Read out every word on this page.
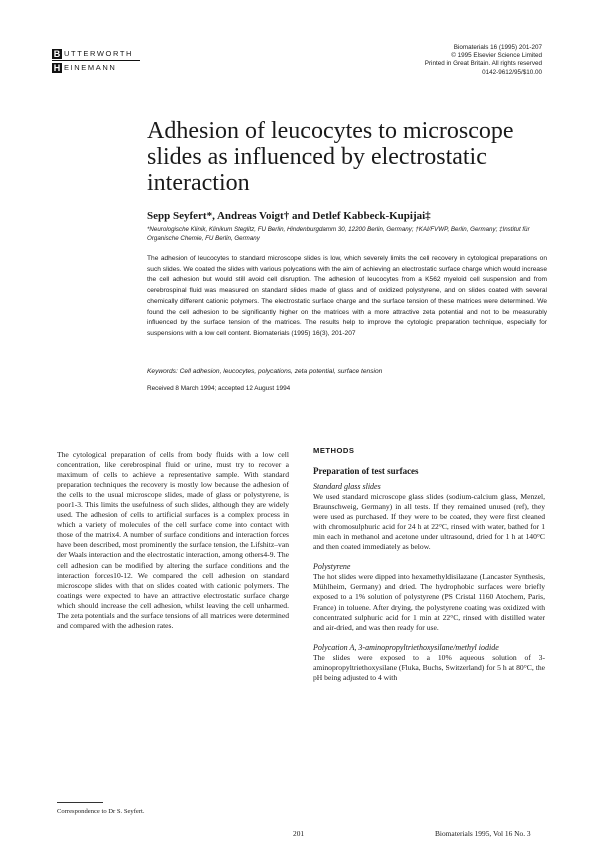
B UTTERWORTH
H EINEMANN
Biomaterials 16 (1995) 201-207
© 1995 Elsevier Science Limited
Printed in Great Britain. All rights reserved
0142-9612/95/$10.00
Adhesion of leucocytes to microscope slides as influenced by electrostatic interaction
Sepp Seyfert*, Andreas Voigt† and Detlef Kabbeck-Kupijai‡
*Neurologische Klinik, Klinikum Steglitz, FU Berlin, Hindenburgdamm 30, 12200 Berlin, Germany; †KAI/FVWP, Berlin, Germany; ‡Institut für Organische Chemie, FU Berlin, Germany

The adhesion of leucocytes to standard microscope slides is low, which severely limits the cell recovery in cytological preparations on such slides. We coated the slides with various polycations with the aim of achieving an electrostatic surface charge which would increase the cell adhesion but would still avoid cell disruption. The adhesion of leucocytes from a K562 myeloid cell suspension and from cerebrospinal fluid was measured on standard slides made of glass and of oxidized polystyrene, and on slides coated with several chemically different cationic polymers. The electrostatic surface charge and the surface tension of these matrices were determined. We found the cell adhesion to be significantly higher on the matrices with a more attractive zeta potential and not to be measurably influenced by the surface tension of the matrices. The results help to improve the cytologic preparation technique, especially for suspensions with a low cell content. Biomaterials (1995) 16(3), 201-207

Keywords: Cell adhesion, leucocytes, polycations, zeta potential, surface tension
Received 8 March 1994; accepted 12 August 1994

The cytological preparation of cells from body fluids with a low cell concentration, like cerebrospinal fluid or urine, must try to recover a maximum of cells to achieve a representative sample. With standard preparation techniques the recovery is mostly low because the adhesion of the cells to the usual microscope slides, made of glass or polystyrene, is poor1-3. This limits the usefulness of such slides, although they are widely used. The adhesion of cells to artificial surfaces is a complex process in which a variety of molecules of the cell surface come into contact with those of the matrix4. A number of surface conditions and interaction forces have been described, most prominently the surface tension, the Lifshitz–van der Waals interaction and the electrostatic interaction, among others4-9. The cell adhesion can be modified by altering the surface conditions and the interaction forces10-12. We compared the cell adhesion on standard microscope slides with that on slides coated with cationic polymers. The coatings were expected to have an attractive electrostatic surface charge which should increase the cell adhesion, whilst leaving the cell unharmed. The zeta potentials and the surface tensions of all matrices were determined and compared with the adhesion rates.

METHODS
Preparation of test surfaces
Standard glass slides

We used standard microscope glass slides (sodium-calcium glass, Menzel, Braunschweig, Germany) in all tests. If they remained unused (ref), they were used as purchased. If they were to be coated, they were first cleaned with chromosulphuric acid for 24 h at 22°C, rinsed with water, bathed for 1 min each in methanol and acetone under ultrasound, dried for 1 h at 140°C and then coated immediately as below.

Polystyrene

The hot slides were dipped into hexamethyldisilazane (Lancaster Synthesis, Mühlheim, Germany) and dried. The hydrophobic surfaces were briefly exposed to a 1% solution of polystyrene (PS Cristal 1160 Atochem, Paris, France) in toluene. After drying, the polystyrene coating was oxidized with concentrated sulphuric acid for 1 min at 22°C, rinsed with distilled water and air-dried, and was then ready for use.

Polycation A, 3-aminopropyltriethoxysilane/methyl iodide

The slides were exposed to a 10% aqueous solution of 3-aminopropyltriethoxysilane (Fluka, Buchs, Switzerland) for 5 h at 80°C, the pH being adjusted to 4 with

Correspondence to Dr S. Seyfert.
201	Biomaterials 1995, Vol 16 No. 3
